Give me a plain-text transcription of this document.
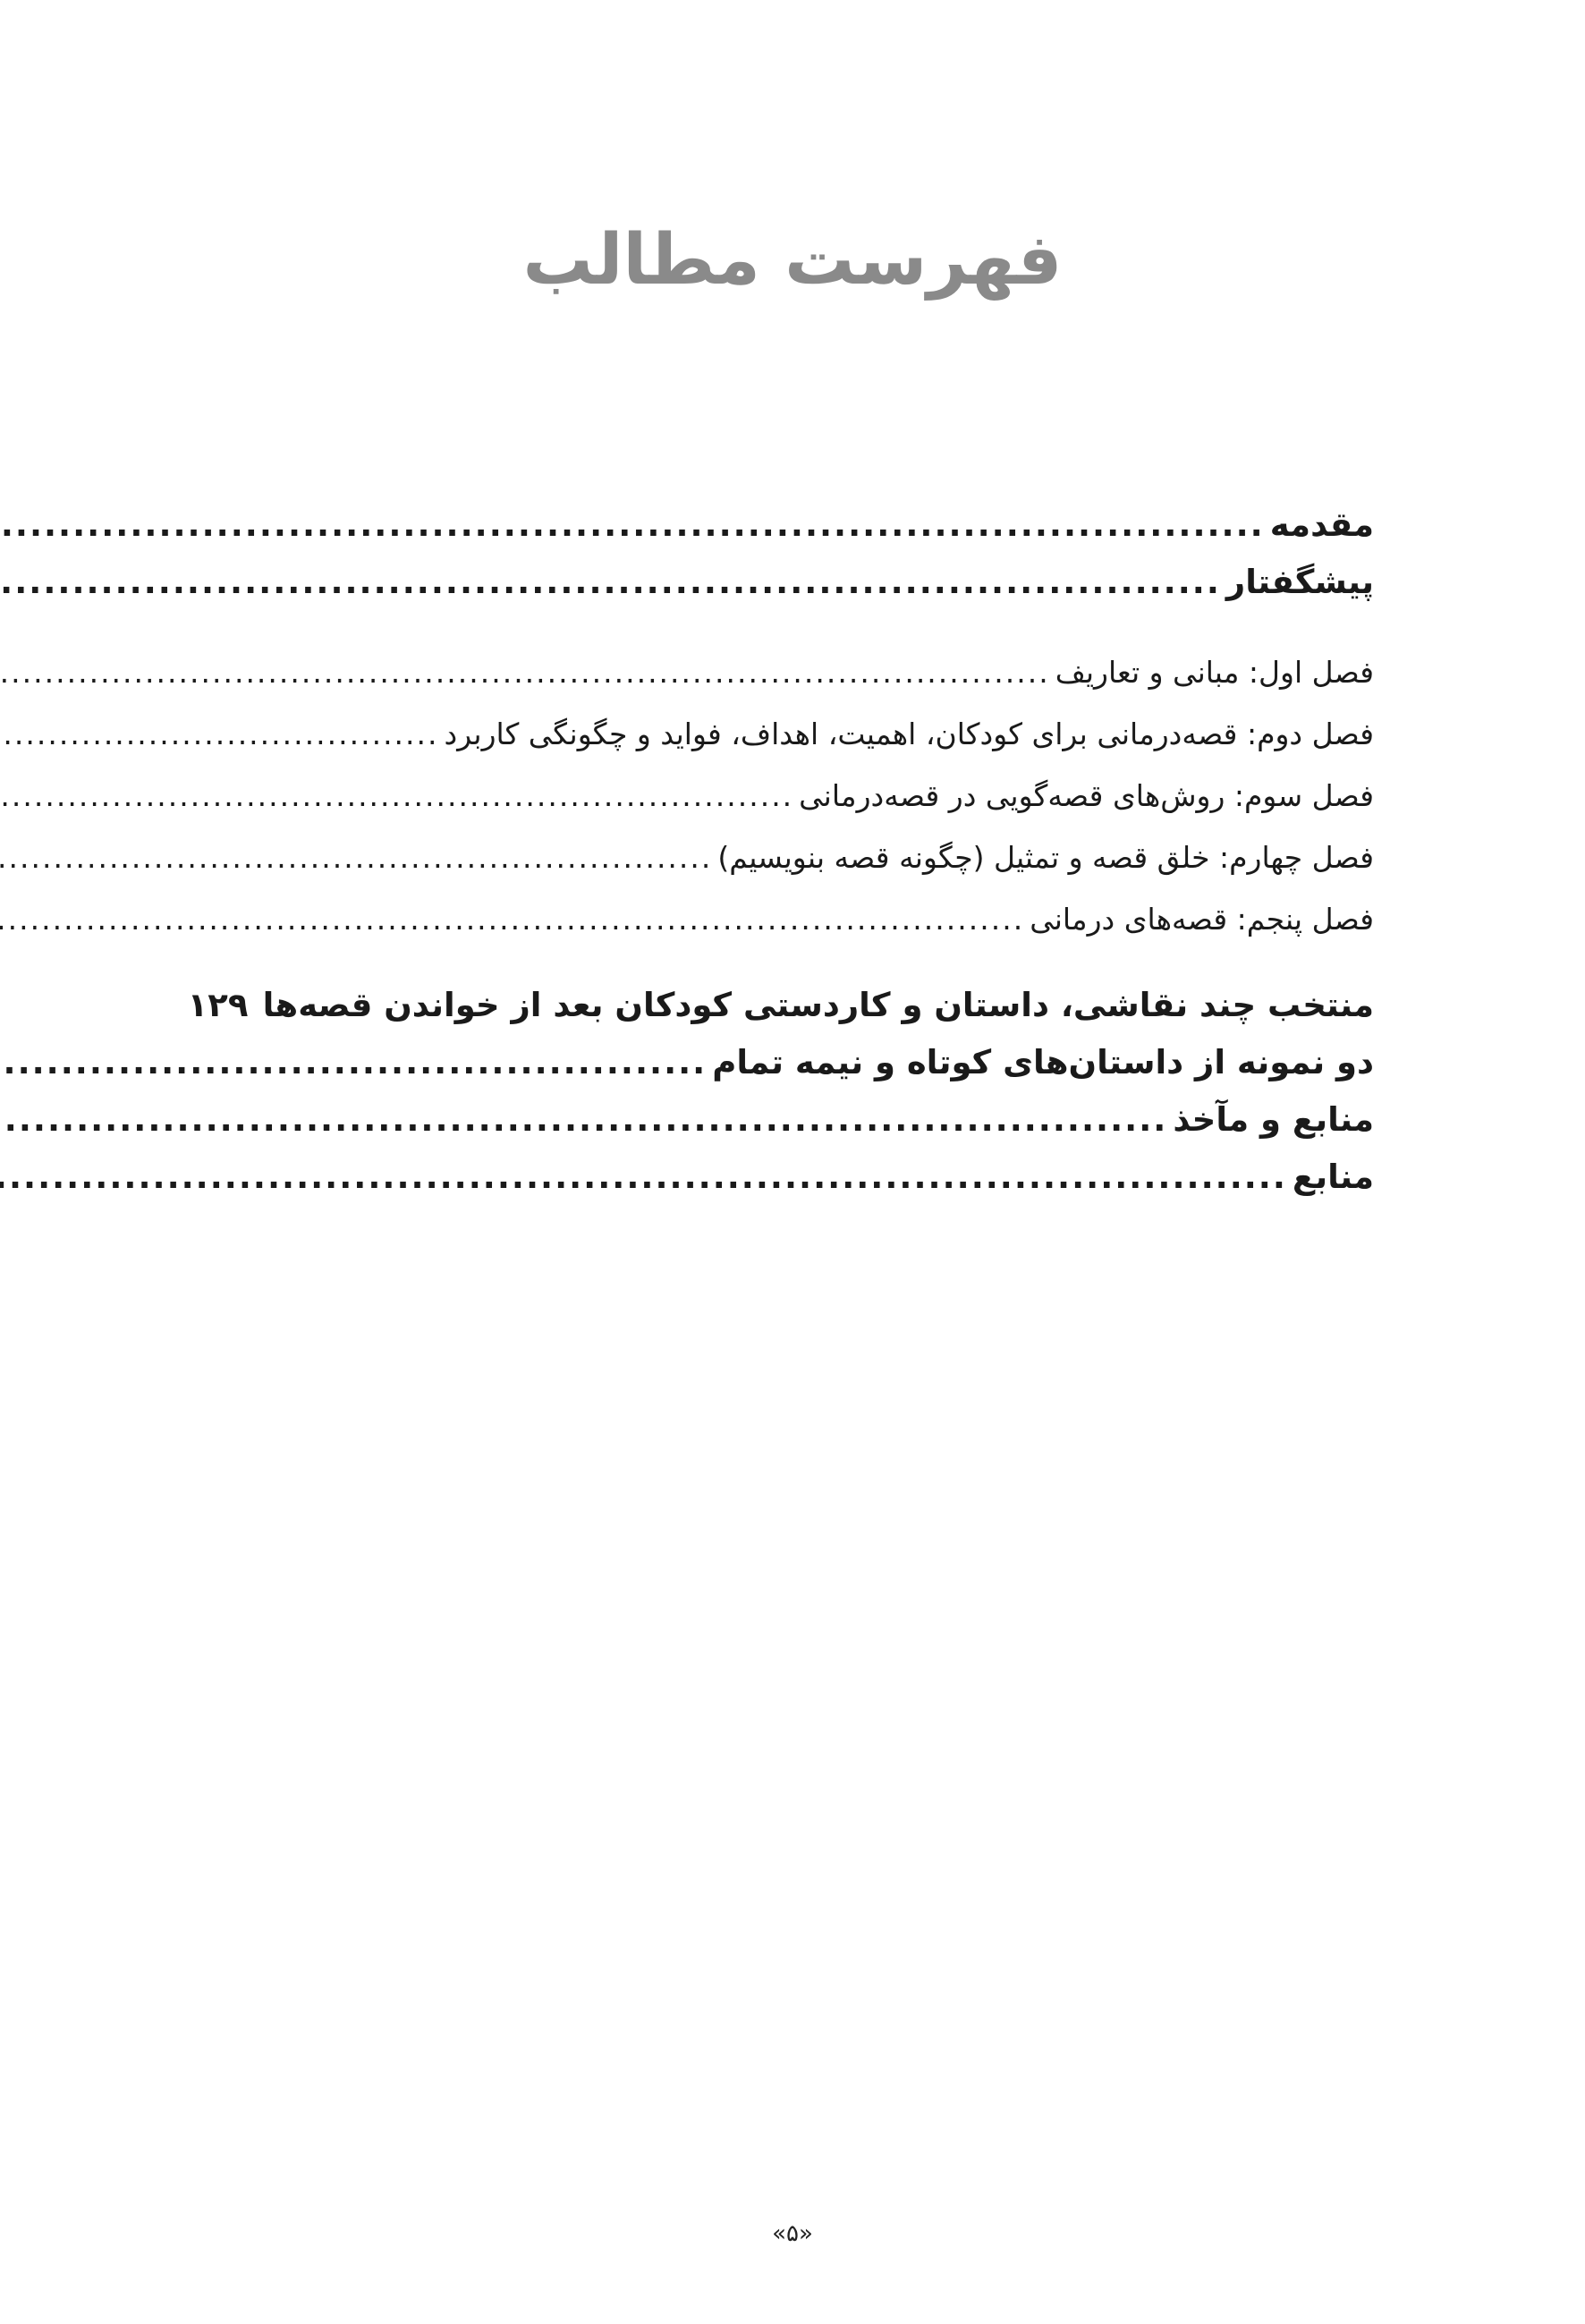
فهرست مطالب
مقدمه
.....
پیشگفتار
.....
فصل اول: مبانی و تعاریف
.....
فصل دوم: قصه‌درمانی برای کودکان، اهمیت، اهداف، فواید و چگونگی کاربرد
.....
فصل سوم: روش‌های قصه‌گویی در قصه‌درمانی
.....
فصل چهارم: خلق قصه و تمثیل (چگونه قصه بنویسیم)
.....
فصل پنجم: قصه‌های درمانی
.....
منتخب چند نقاشی، داستان و کاردستی کودکان بعد از خواندن قصه‌ها
۱۲۹
دو نمونه از داستان‌های کوتاه و نیمه تمام
.....
منابع و مآخذ
.....
منابع
.....
«۵»
